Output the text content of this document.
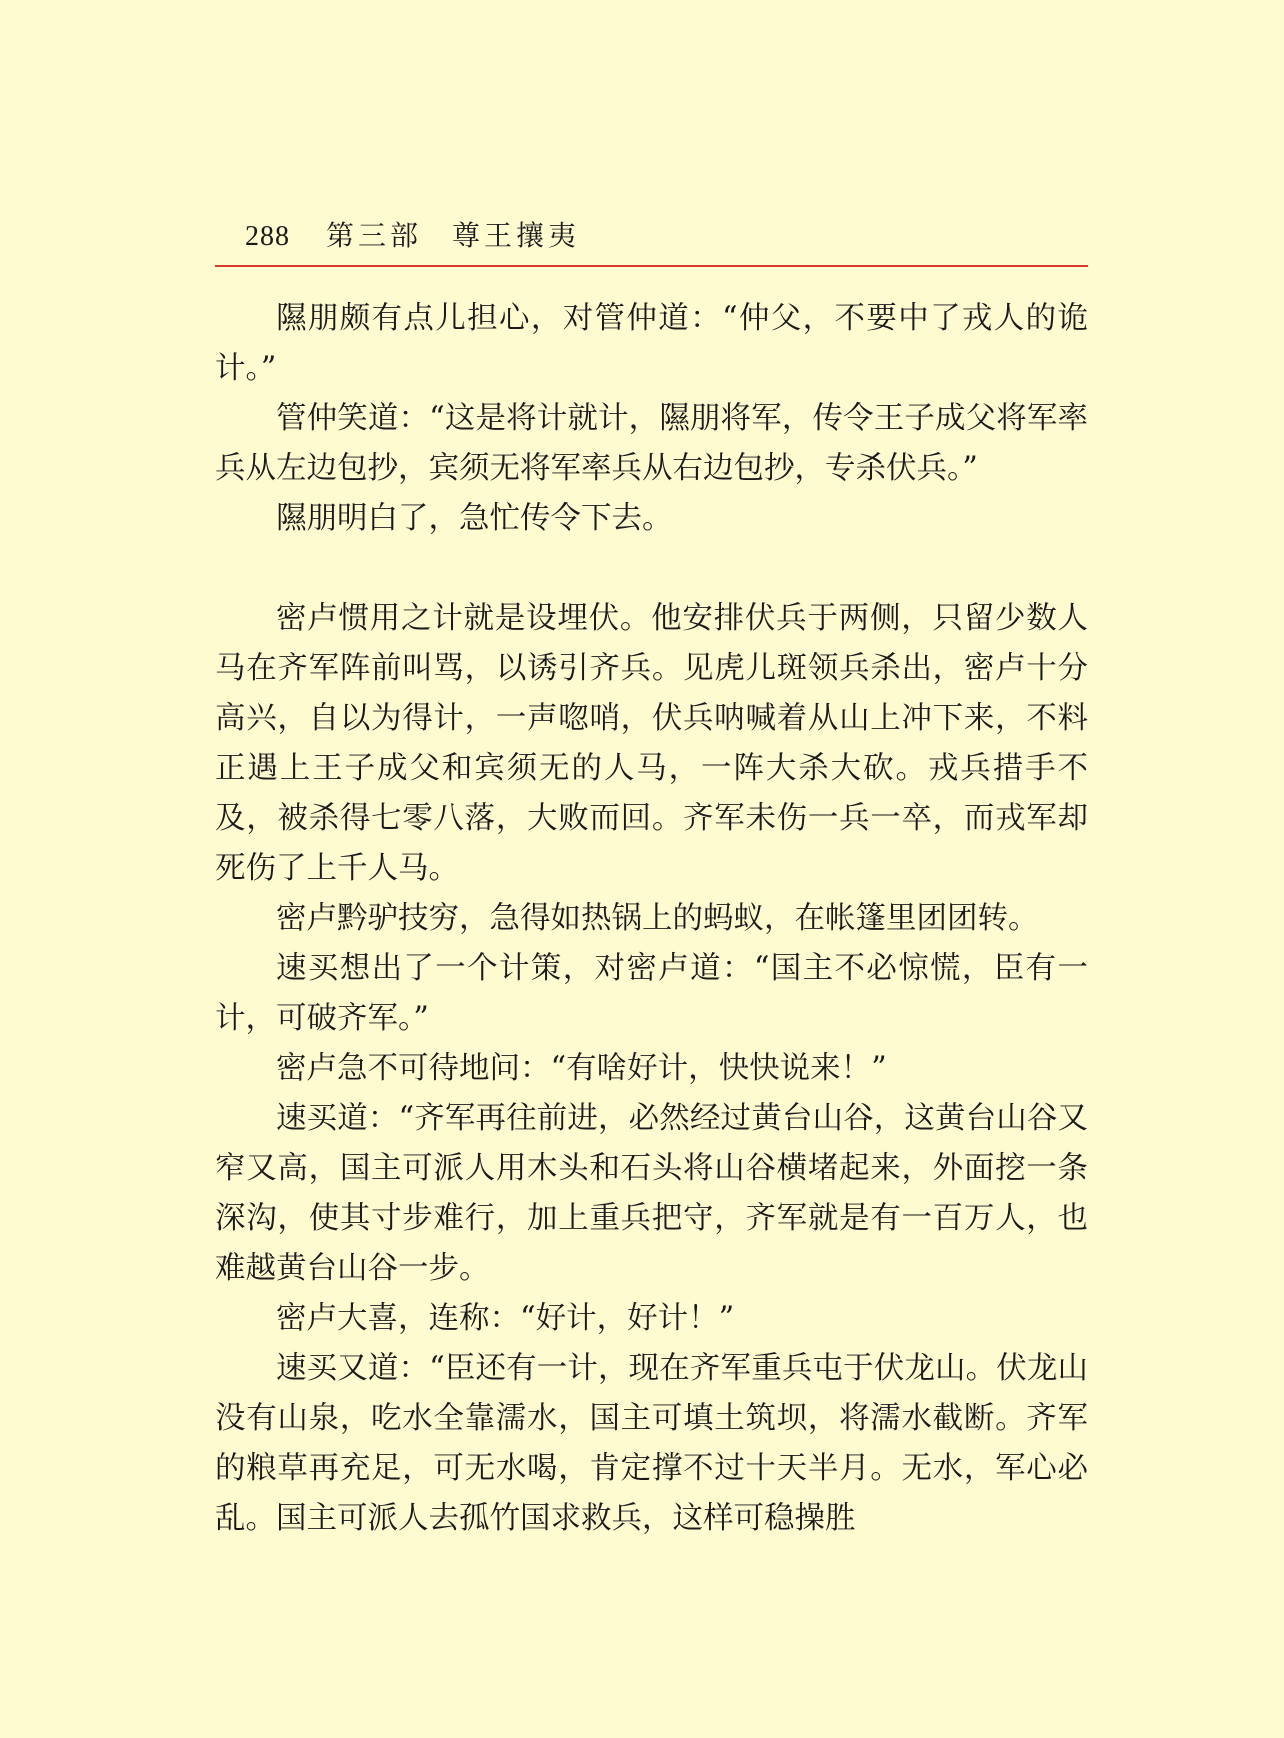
288 第三部 尊王攘夷

隰朋颇有点儿担心，对管仲道：“仲父，不要中了戎人的诡计。”

管仲笑道：“这是将计就计，隰朋将军，传令王子成父将军率兵从左边包抄，宾须无将军率兵从右边包抄，专杀伏兵。”

隰朋明白了，急忙传令下去。

密卢惯用之计就是设埋伏。他安排伏兵于两侧，只留少数人马在齐军阵前叫骂，以诱引齐兵。见虎儿斑领兵杀出，密卢十分高兴，自以为得计，一声唿哨，伏兵呐喊着从山上冲下来，不料正遇上王子成父和宾须无的人马，一阵大杀大砍。戎兵措手不及，被杀得七零八落，大败而回。齐军未伤一兵一卒，而戎军却死伤了上千人马。

密卢黔驴技穷，急得如热锅上的蚂蚁，在帐篷里团团转。

速买想出了一个计策，对密卢道：“国主不必惊慌，臣有一计，可破齐军。”

密卢急不可待地问：“有啥好计，快快说来！”

速买道：“齐军再往前进，必然经过黄台山谷，这黄台山谷又窄又高，国主可派人用木头和石头将山谷横堵起来，外面挖一条深沟，使其寸步难行，加上重兵把守，齐军就是有一百万人，也难越黄台山谷一步。

密卢大喜，连称：“好计，好计！”

速买又道：“臣还有一计，现在齐军重兵屯于伏龙山。伏龙山没有山泉，吃水全靠濡水，国主可填土筑坝，将濡水截断。齐军的粮草再充足，可无水喝，肯定撑不过十天半月。无水，军心必乱。国主可派人去孤竹国求救兵，这样可稳操胜
